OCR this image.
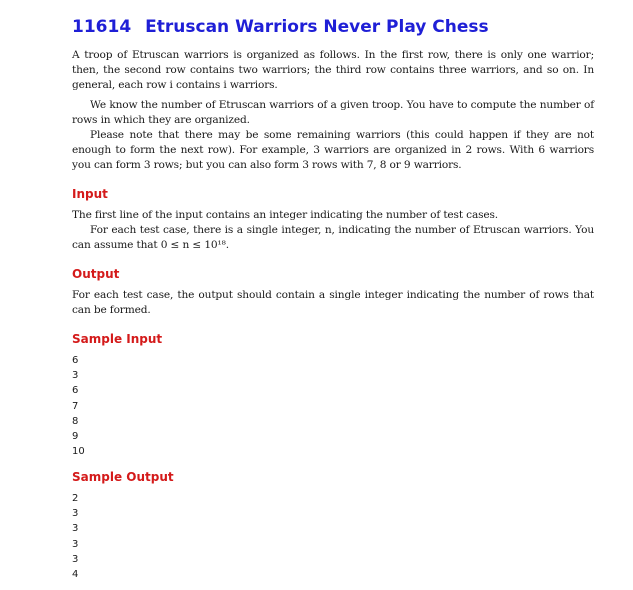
11614 Etruscan Warriors Never Play Chess

A troop of Etruscan warriors is organized as follows. In the first row, there is only one warrior; then, the second row contains two warriors; the third row contains three warriors, and so on. In general, each row i contains i warriors.

We know the number of Etruscan warriors of a given troop. You have to compute the number of rows in which they are organized.

Please note that there may be some remaining warriors (this could happen if they are not enough to form the next row). For example, 3 warriors are organized in 2 rows. With 6 warriors you can form 3 rows; but you can also form 3 rows with 7, 8 or 9 warriors.

Input

The first line of the input contains an integer indicating the number of test cases.

For each test case, there is a single integer, n, indicating the number of Etruscan warriors. You can assume that 0 ≤ n ≤ 10¹⁸.

Output

For each test case, the output should contain a single integer indicating the number of rows that can be formed.

Sample Input
6
3
6
7
8
9
10
Sample Output
2
3
3
3
3
4
